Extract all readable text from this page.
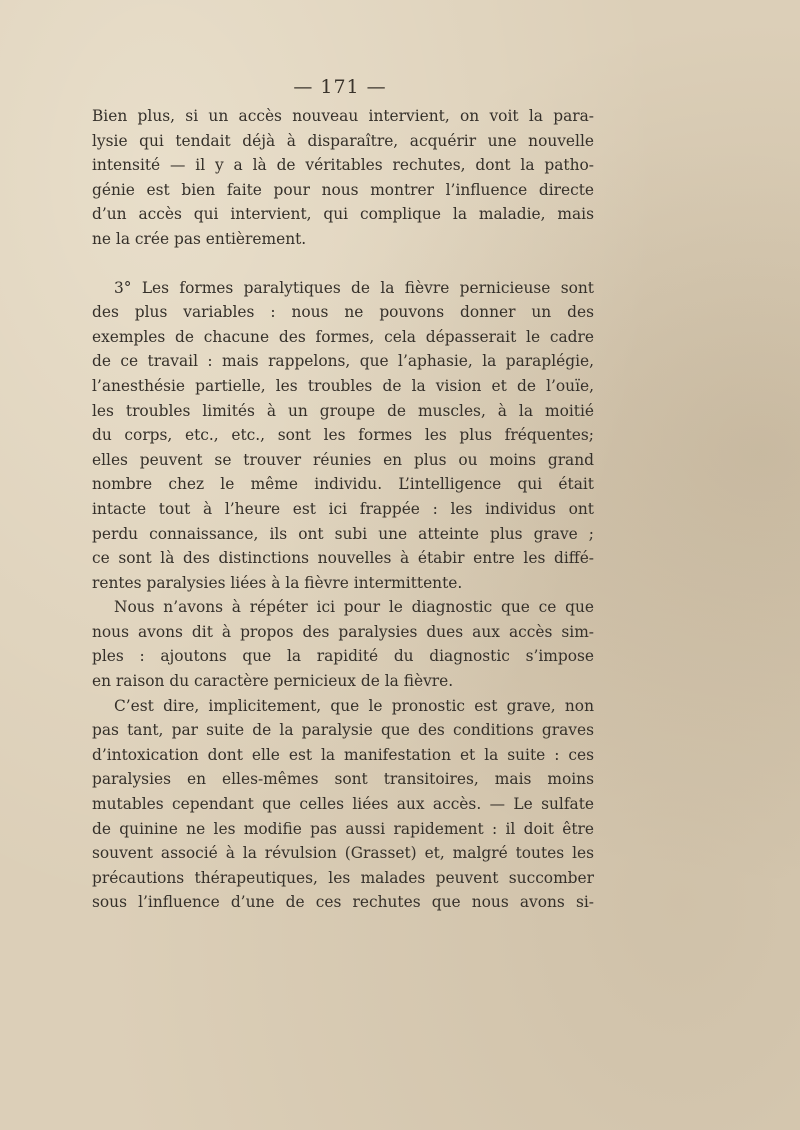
— 171 —
Bien plus, si un accès nouveau intervient, on voit la para-
lysie qui tendait déjà à disparaître, acquérir une nouvelle
intensité — il y a là de véritables rechutes, dont la patho-
génie est bien faite pour nous montrer l’influence directe
d’un accès qui intervient, qui complique la maladie, mais
ne la crée pas entièrement.
3° Les formes paralytiques de la fièvre pernicieuse sont
des plus variables : nous ne pouvons donner un des
exemples de chacune des formes, cela dépasserait le cadre
de ce travail : mais rappelons, que l’aphasie, la paraplégie,
l’anesthésie partielle, les troubles de la vision et de l’ouïe,
les troubles limités à un groupe de muscles, à la moitié
du corps, etc., etc., sont les formes les plus fréquentes;
elles peuvent se trouver réunies en plus ou moins grand
nombre chez le même individu. L’intelligence qui était
intacte tout à l’heure est ici frappée : les individus ont
perdu connaissance, ils ont subi une atteinte plus grave ;
ce sont là des distinctions nouvelles à étabir entre les diffé-
rentes paralysies liées à la fièvre intermittente.
Nous n’avons à répéter ici pour le diagnostic que ce que
nous avons dit à propos des paralysies dues aux accès sim-
ples : ajoutons que la rapidité du diagnostic s’impose
en raison du caractère pernicieux de la fièvre.
C’est dire, implicitement, que le pronostic est grave, non
pas tant, par suite de la paralysie que des conditions graves
d’intoxication dont elle est la manifestation et la suite : ces
paralysies en elles-mêmes sont transitoires, mais moins
mutables cependant que celles liées aux accès. — Le sulfate
de quinine ne les modifie pas aussi rapidement : il doit être
souvent associé à la révulsion (Grasset) et, malgré toutes les
précautions thérapeutiques, les malades peuvent succomber
sous l’influence d’une de ces rechutes que nous avons si-
